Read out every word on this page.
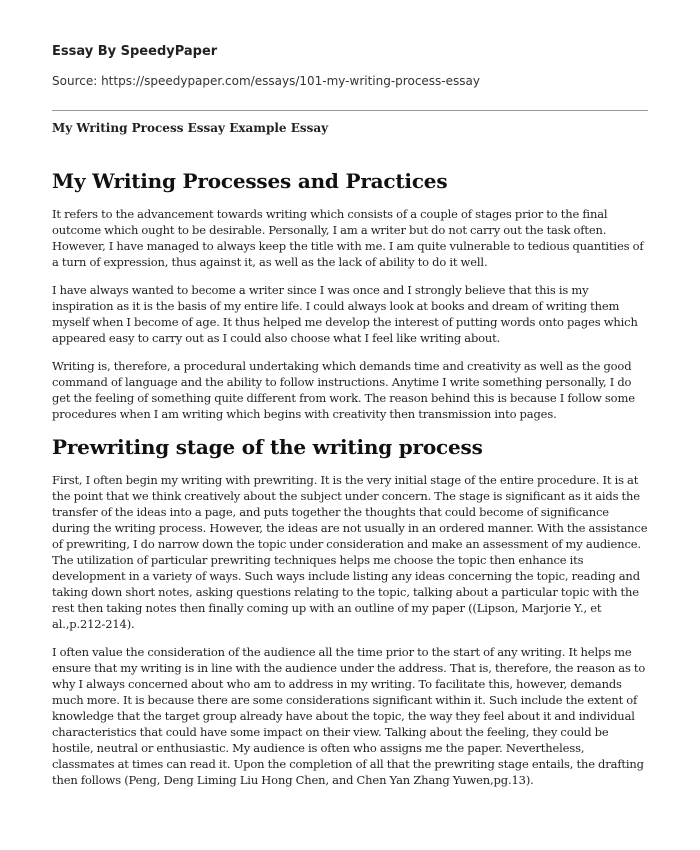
Essay By SpeedyPaper

Source: https://speedypaper.com/essays/101-my-writing-process-essay

My Writing Process Essay Example Essay

My Writing Processes and Practices

It refers to the advancement towards writing which consists of a couple of stages prior to the final outcome which ought to be desirable. Personally, I am a writer but do not carry out the task often. However, I have managed to always keep the title with me. I am quite vulnerable to tedious quantities of a turn of expression, thus against it, as well as the lack of ability to do it well.

I have always wanted to become a writer since I was once and I strongly believe that this is my inspiration as it is the basis of my entire life. I could always look at books and dream of writing them myself when I become of age. It thus helped me develop the interest of putting words onto pages which appeared easy to carry out as I could also choose what I feel like writing about.

Writing is, therefore, a procedural undertaking which demands time and creativity as well as the good command of language and the ability to follow instructions. Anytime I write something personally, I do get the feeling of something quite different from work. The reason behind this is because I follow some procedures when I am writing which begins with creativity then transmission into pages.

Prewriting stage of the writing process

First, I often begin my writing with prewriting. It is the very initial stage of the entire procedure. It is at the point that we think creatively about the subject under concern. The stage is significant as it aids the transfer of the ideas into a page, and puts together the thoughts that could become of significance during the writing process. However, the ideas are not usually in an ordered manner. With the assistance of prewriting, I do narrow down the topic under consideration and make an assessment of my audience. The utilization of particular prewriting techniques helps me choose the topic then enhance its development in a variety of ways. Such ways include listing any ideas concerning the topic, reading and taking down short notes, asking questions relating to the topic, talking about a particular topic with the rest then taking notes then finally coming up with an outline of my paper ((Lipson, Marjorie Y., et al.,p.212-214).

I often value the consideration of the audience all the time prior to the start of any writing. It helps me ensure that my writing is in line with the audience under the address. That is, therefore, the reason as to why I always concerned about who am to address in my writing. To facilitate this, however, demands much more. It is because there are some considerations significant within it. Such include the extent of knowledge that the target group already have about the topic, the way they feel about it and individual characteristics that could have some impact on their view. Talking about the feeling, they could be hostile, neutral or enthusiastic. My audience is often who assigns me the paper. Nevertheless, classmates at times can read it. Upon the completion of all that the prewriting stage entails, the drafting then follows (Peng, Deng Liming Liu Hong Chen, and Chen Yan Zhang Yuwen,pg.13).
